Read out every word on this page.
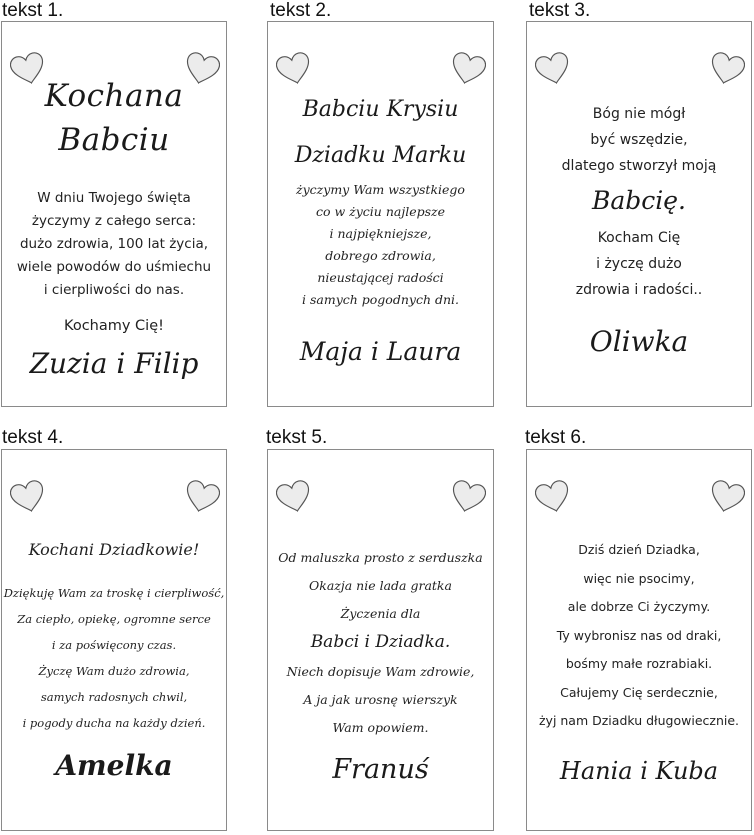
tekst 1.	tekst 2.	tekst 3.
tekst 4.	tekst 5.	tekst 6.
Kochana
Babciu
W dniu Twojego święta
życzymy z całego serca:
dużo zdrowia, 100 lat życia,
wiele powodów do uśmiechu
i cierpliwości do nas.
Kochamy Cię!
Zuzia i Filip
Babciu Krysiu
Dziadku Marku
życzymy Wam wszystkiego
co w życiu najlepsze
i najpiękniejsze,
dobrego zdrowia,
nieustającej radości
i samych pogodnych dni.
Maja i Laura
Bóg nie mógł
być wszędzie,
dlatego stworzył moją
Babcię.
Kocham Cię
i życzę dużo
zdrowia i radości..
Oliwka
Kochani Dziadkowie!
Dziękuję Wam za troskę i cierpliwość,
Za ciepło, opiekę, ogromne serce
i za poświęcony czas.
Życzę Wam dużo zdrowia,
samych radosnych chwil,
i pogody ducha na każdy dzień.
Amelka
Od maluszka prosto z serduszka
Okazja nie lada gratka
Życzenia dla
Babci i Dziadka.
Niech dopisuje Wam zdrowie,
A ja jak urosnę wierszyk
Wam opowiem.
Franuś
Dziś dzień Dziadka,
więc nie psocimy,
ale dobrze Ci życzymy.
Ty wybronisz nas od draki,
bośmy małe rozrabiaki.
Całujemy Cię serdecznie,
żyj nam Dziadku długowiecznie.
Hania i Kuba
